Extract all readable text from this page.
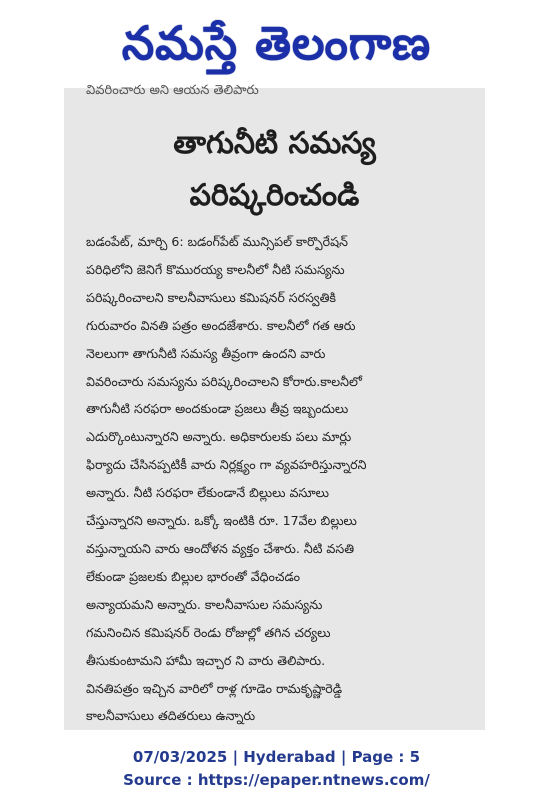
నమస్తే తెలంగాణ
వివరించారు అని ఆయన తెలిపారు
తాగునీటి సమస్య
పరిష్కరించండి
బడంపేట్, మార్చి 6: బడంగ్‌పేట్ మున్సిపల్ కార్పొరేషన్
పరిధిలోని జెనిగే కొమురయ్య కాలనీలో నీటి సమస్యను
పరిష్కరించాలని కాలనీవాసులు కమిషనర్ సరస్వతికి
గురువారం వినతి పత్రం అందజేశారు. కాలనీలో గత ఆరు
నెలలుగా తాగునీటి సమస్య తీవ్రంగా ఉందని వారు
వివరించారు సమస్యను పరిష్కరించాలని కోరారు.కాలనీలో
తాగునీటి సరఫరా అందకుండా ప్రజలు తీవ్ర ఇబ్బందులు
ఎదుర్కొంటున్నారని అన్నారు. అధికారులకు పలు మార్లు
ఫిర్యాదు చేసినప్పటికీ వారు నిర్లక్ష్యం గా వ్యవహరిస్తున్నారని
అన్నారు. నీటి సరఫరా లేకుండానే బిల్లులు వసూలు
చేస్తున్నారని అన్నారు. ఒక్కో ఇంటికి రూ. 17వేల బిల్లులు
వస్తున్నాయని వారు ఆందోళన వ్యక్తం చేశారు. నీటి వసతి
లేకుండా ప్రజలకు బిల్లుల భారంతో వేధించడం
అన్యాయమని అన్నారు. కాలనీవాసుల సమస్యను
గమనించిన కమిషనర్ రెండు రోజుల్లో తగిన చర్యలు
తీసుకుంటామని హామీ ఇచ్చార ని వారు తెలిపారు.
వినతిపత్రం ఇచ్చిన వారిలో రాళ్ల గూడెం రామకృష్ణారెడ్డి
కాలనీవాసులు తదితరులు ఉన్నారు
07/03/2025 | Hyderabad | Page : 5
Source : https://epaper.ntnews.com/
